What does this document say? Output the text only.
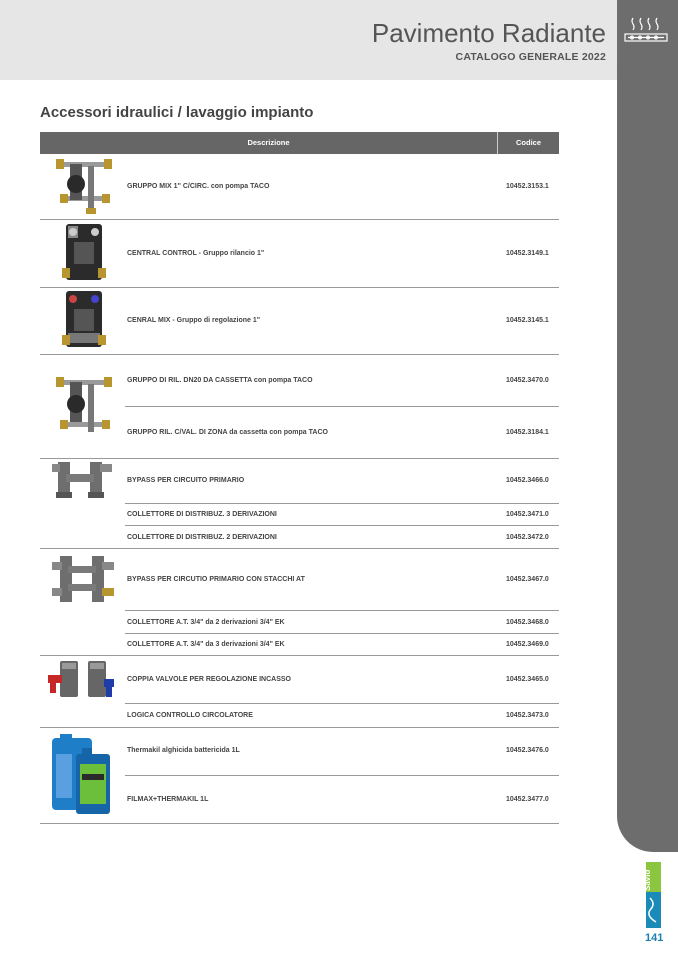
Pavimento Radiante
CATALOGO GENERALE 2022
Accessori idraulici / lavaggio impianto
Descrizione	Codice
GRUPPO MIX 1" C/CIRC. con pompa TACO	10452.3153.1
CENTRAL CONTROL - Gruppo rilancio 1"	10452.3149.1
CENRAL MIX - Gruppo di regolazione 1"	10452.3145.1
GRUPPO DI RIL. DN20 DA CASSETTA con pompa TACO	10452.3470.0
GRUPPO RIL. C/VAL. DI ZONA da cassetta con pompa TACO	10452.3184.1
BYPASS PER CIRCUITO PRIMARIO	10452.3466.0
COLLETTORE DI DISTRIBUZ. 3 DERIVAZIONI	10452.3471.0
COLLETTORE DI DISTRIBUZ. 2 DERIVAZIONI	10452.3472.0
BYPASS PER CIRCUTIO PRIMARIO CON STACCHI AT	10452.3467.0
COLLETTORE A.T. 3/4" da 2 derivazioni 3/4" EK	10452.3468.0
COLLETTORE A.T. 3/4" da 3 derivazioni 3/4" EK	10452.3469.0
COPPIA VALVOLE PER REGOLAZIONE INCASSO	10452.3465.0
LOGICA CONTROLLO CIRCOLATORE	10452.3473.0
Thermakil alghicida battericida 1L	10452.3476.0
FILMAX+THERMAKIL 1L	10452.3477.0
Savio
141
